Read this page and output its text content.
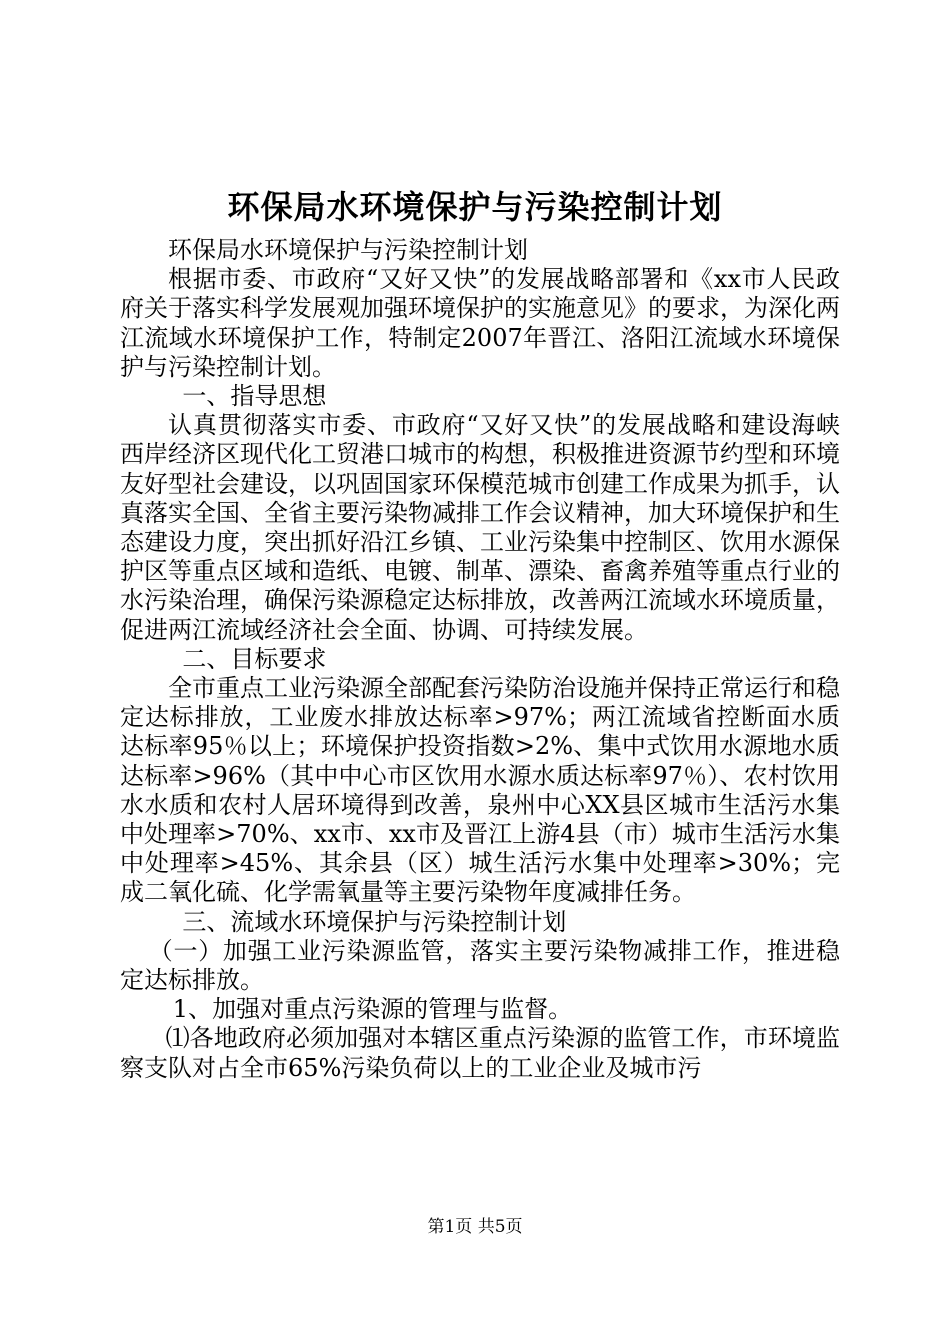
环保局水环境保护与污染控制计划

环保局水环境保护与污染控制计划

根据市委、市政府“又好又快”的发展战略部署和《xx市人民政府关于落实科学发展观加强环境保护的实施意见》的要求，为深化两江流域水环境保护工作，特制定2007年晋江、洛阳江流域水环境保护与污染控制计划。

一、指导思想

认真贯彻落实市委、市政府“又好又快”的发展战略和建设海峡西岸经济区现代化工贸港口城市的构想，积极推进资源节约型和环境友好型社会建设，以巩固国家环保模范城市创建工作成果为抓手，认真落实全国、全省主要污染物减排工作会议精神，加大环境保护和生态建设力度，突出抓好沿江乡镇、工业污染集中控制区、饮用水源保护区等重点区域和造纸、电镀、制革、漂染、畜禽养殖等重点行业的水污染治理，确保污染源稳定达标排放，改善两江流域水环境质量，促进两江流域经济社会全面、协调、可持续发展。

二、目标要求

全市重点工业污染源全部配套污染防治设施并保持正常运行和稳定达标排放，工业废水排放达标率>97%；两江流域省控断面水质达标率95％以上；环境保护投资指数>2%、集中式饮用水源地水质达标率>96%（其中中心市区饮用水源水质达标率97％）、农村饮用水水质和农村人居环境得到改善，泉州中心XX县区城市生活污水集中处理率>70%、xx市、xx市及晋江上游4县（市）城市生活污水集中处理率>45%、其余县（区）城生活污水集中处理率>30%；完成二氧化硫、化学需氧量等主要污染物年度减排任务。

三、流域水环境保护与污染控制计划

（一）加强工业污染源监管，落实主要污染物减排工作，推进稳定达标排放。

1、加强对重点污染源的管理与监督。

⑴各地政府必须加强对本辖区重点污染源的监管工作，市环境监察支队对占全市65%污染负荷以上的工业企业及城市污

第1页 共5页
